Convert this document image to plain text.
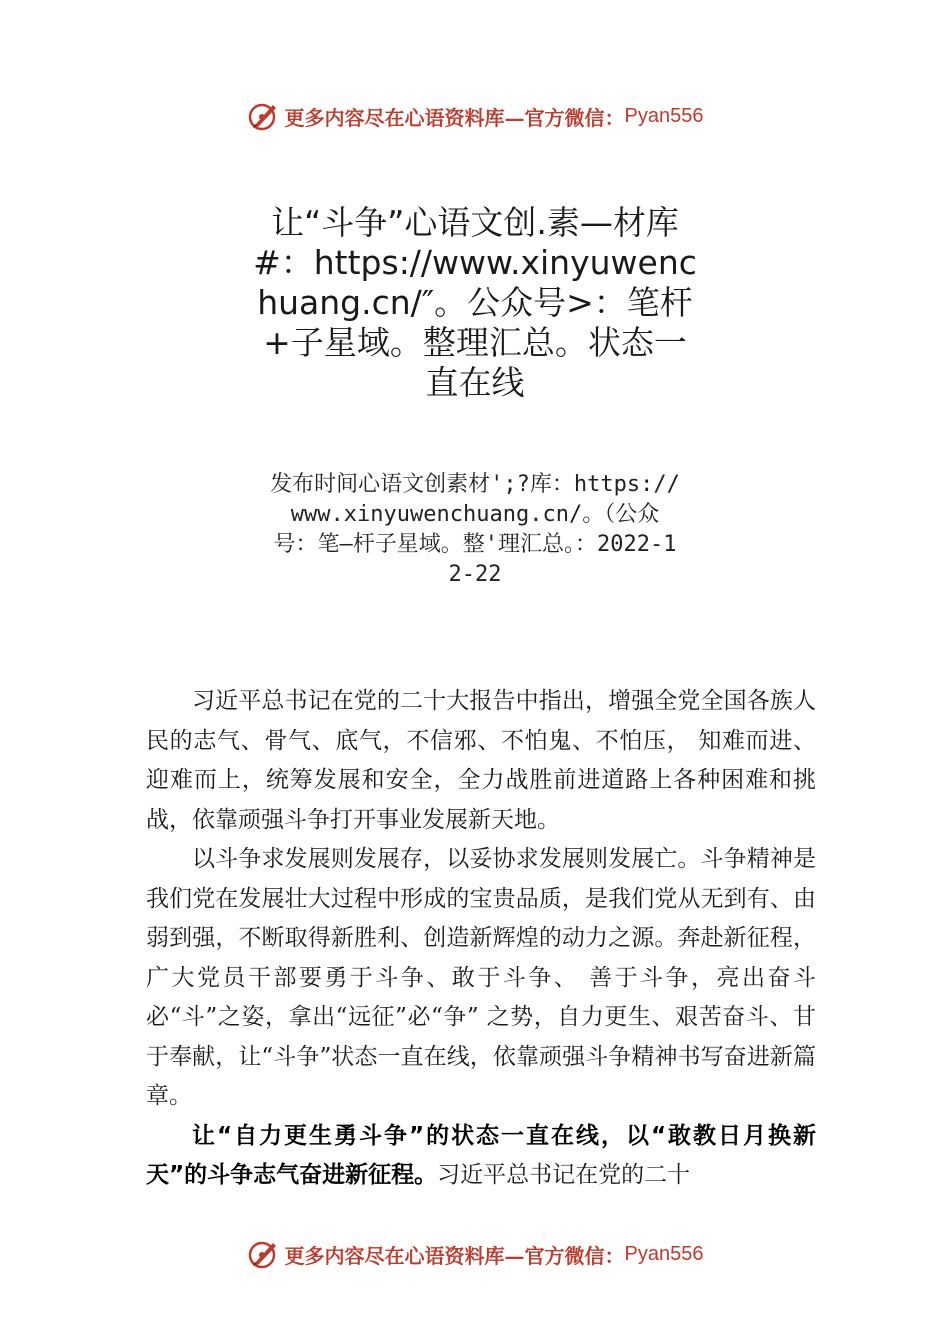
更多内容尽在心语资料库—官方微信： Pyan556
让“斗争”心语文创.素—材库#：https://www.xinyuwenchuang.cn/″。公众号>：笔杆+子星域。整理汇总。状态一直在线
发布时间心语文创素材';?库：https://www.xinyuwenchuang.cn/。（公众号：笔—杆子星域。整'理汇总。：2022-12-22

习近平总书记在党的二十大报告中指出，增强全党全国各族人民的志气、骨气、底气，不信邪、不怕鬼、不怕压， 知难而进、迎难而上，统筹发展和安全，全力战胜前进道路上各种困难和挑战，依靠顽强斗争打开事业发展新天地。

以斗争求发展则发展存，以妥协求发展则发展亡。斗争精神是我们党在发展壮大过程中形成的宝贵品质，是我们党从无到有、由弱到强，不断取得新胜利、创造新辉煌的动力之源。奔赴新征程，广大党员干部要勇于斗争、敢于斗争、 善于斗争，亮出奋斗必“斗”之姿，拿出“远征”必“争” 之势，自力更生、艰苦奋斗、甘于奉献，让“斗争”状态一直在线，依靠顽强斗争精神书写奋进新篇章。

让“自力更生勇斗争”的状态一直在线，以“敢教日月换新天”的斗争志气奋进新征程。习近平总书记在党的二十

更多内容尽在心语资料库—官方微信： Pyan556
